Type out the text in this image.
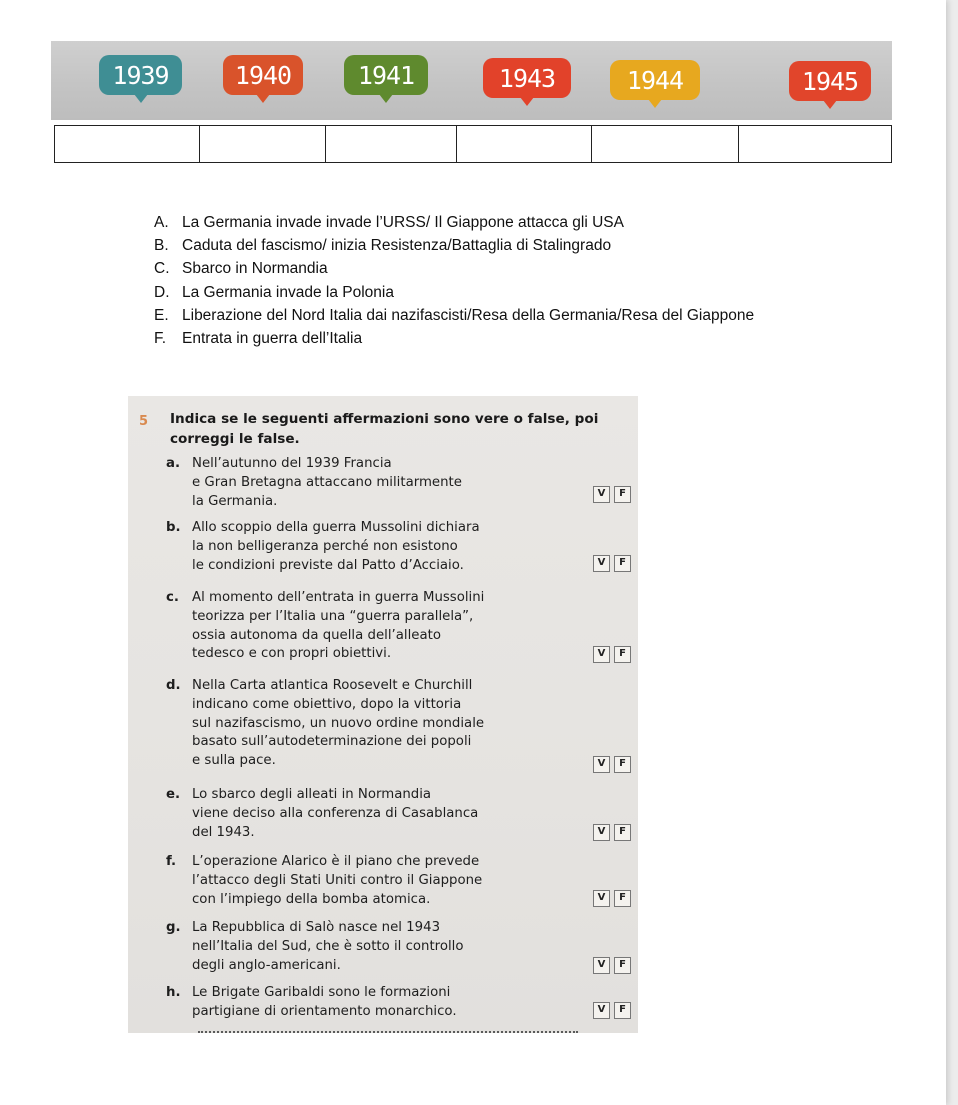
1939	1940	1941	1943	1944	1945
A. La Germania invade invade l’URSS/ Il Giappone attacca gli USA
B. Caduta del fascismo/ inizia Resistenza/Battaglia di Stalingrado
C. Sbarco in Normandia
D. La Germania invade la Polonia
E. Liberazione del Nord Italia dai nazifascisti/Resa della Germania/Resa del Giappone
F.	Entrata in guerra dell’Italia
5 Indica se le seguenti affermazioni sono vere o false, poi correggi le false.
a. Nell’autunno del 1939 Francia
e Gran Bretagna attaccano militarmente
la Germania.	V	F
b. Allo scoppio della guerra Mussolini dichiara
la non belligeranza perché non esistono
le condizioni previste dal Patto d’Acciaio.	V	F
c. Al momento dell’entrata in guerra Mussolini
teorizza per l’Italia una “guerra parallela”,
ossia autonoma da quella dell’alleato
tedesco e con propri obiettivi.	V	F
d. Nella Carta atlantica Roosevelt e Churchill
indicano come obiettivo, dopo la vittoria
sul nazifascismo, un nuovo ordine mondiale
basato sull’autodeterminazione dei popoli
e sulla pace.	V	F
e. Lo sbarco degli alleati in Normandia
viene deciso alla conferenza di Casablanca
del 1943.	V	F
f. L’operazione Alarico è il piano che prevede
l’attacco degli Stati Uniti contro il Giappone
con l’impiego della bomba atomica.	V	F
g. La Repubblica di Salò nasce nel 1943
nell’Italia del Sud, che è sotto il controllo
degli anglo-americani.	V	F
h. Le Brigate Garibaldi sono le formazioni
partigiane di orientamento monarchico.	V	F
